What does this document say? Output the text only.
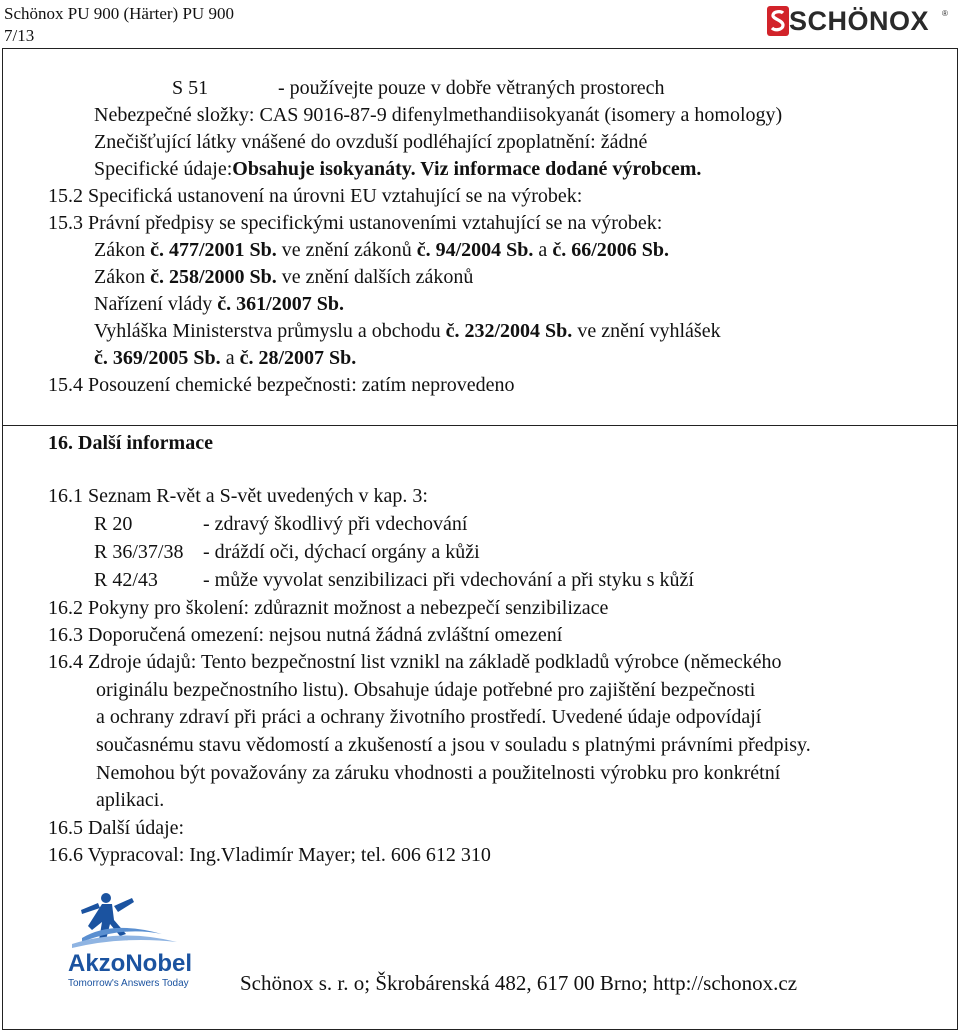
Schönox PU 900 (Härter) PU 900
7/13	SCHÖNOX ®
S 51	- používejte pouze v dobře větraných prostorech
Nebezpečné složky: CAS 9016-87-9 difenylmethandiisokyanát (isomery a homology)
Znečišťující látky vnášené do ovzduší podléhající zpoplatnění: žádné
Specifické údaje:Obsahuje isokyanáty. Viz informace dodané výrobcem.
15.2 Specifická ustanovení na úrovni EU vztahující se na výrobek:
15.3 Právní předpisy se specifickými ustanoveními vztahující se na výrobek:
Zákon č. 477/2001 Sb. ve znění zákonů č. 94/2004 Sb. a č. 66/2006 Sb.
Zákon č. 258/2000 Sb. ve znění dalších zákonů
Nařízení vlády č. 361/2007 Sb.
Vyhláška Ministerstva průmyslu a obchodu č. 232/2004 Sb. ve znění vyhlášek
č. 369/2005 Sb. a č. 28/2007 Sb.
15.4 Posouzení chemické bezpečnosti: zatím neprovedeno
16. Další informace
16.1 Seznam R-vět a S-vět uvedených v kap. 3:
R 20	- zdravý škodlivý při vdechování
R 36/37/38 - dráždí oči, dýchací orgány a kůži
R 42/43 - může vyvolat senzibilizaci při vdechování a při styku s kůží
16.2 Pokyny pro školení: zdůraznit možnost a nebezpečí senzibilizace
16.3 Doporučená omezení: nejsou nutná žádná zvláštní omezení
16.4 Zdroje údajů: Tento bezpečnostní list vznikl na základě podkladů výrobce (německého
originálu bezpečnostního listu). Obsahuje údaje potřebné pro zajištění bezpečnosti
a ochrany zdraví při práci a ochrany životního prostředí. Uvedené údaje odpovídají
současnému stavu vědomostí a zkušeností a jsou v souladu s platnými právními předpisy.
Nemohou být považovány za záruku vhodnosti a použitelnosti výrobku pro konkrétní
aplikaci.
16.5 Další údaje:
16.6 Vypracoval: Ing.Vladimír Mayer; tel. 606 612 310
AkzoNobel
Tomorrow's Answers Today Schönox s. r. o; Škrobárenská 482, 617 00 Brno; http://schonox.cz
